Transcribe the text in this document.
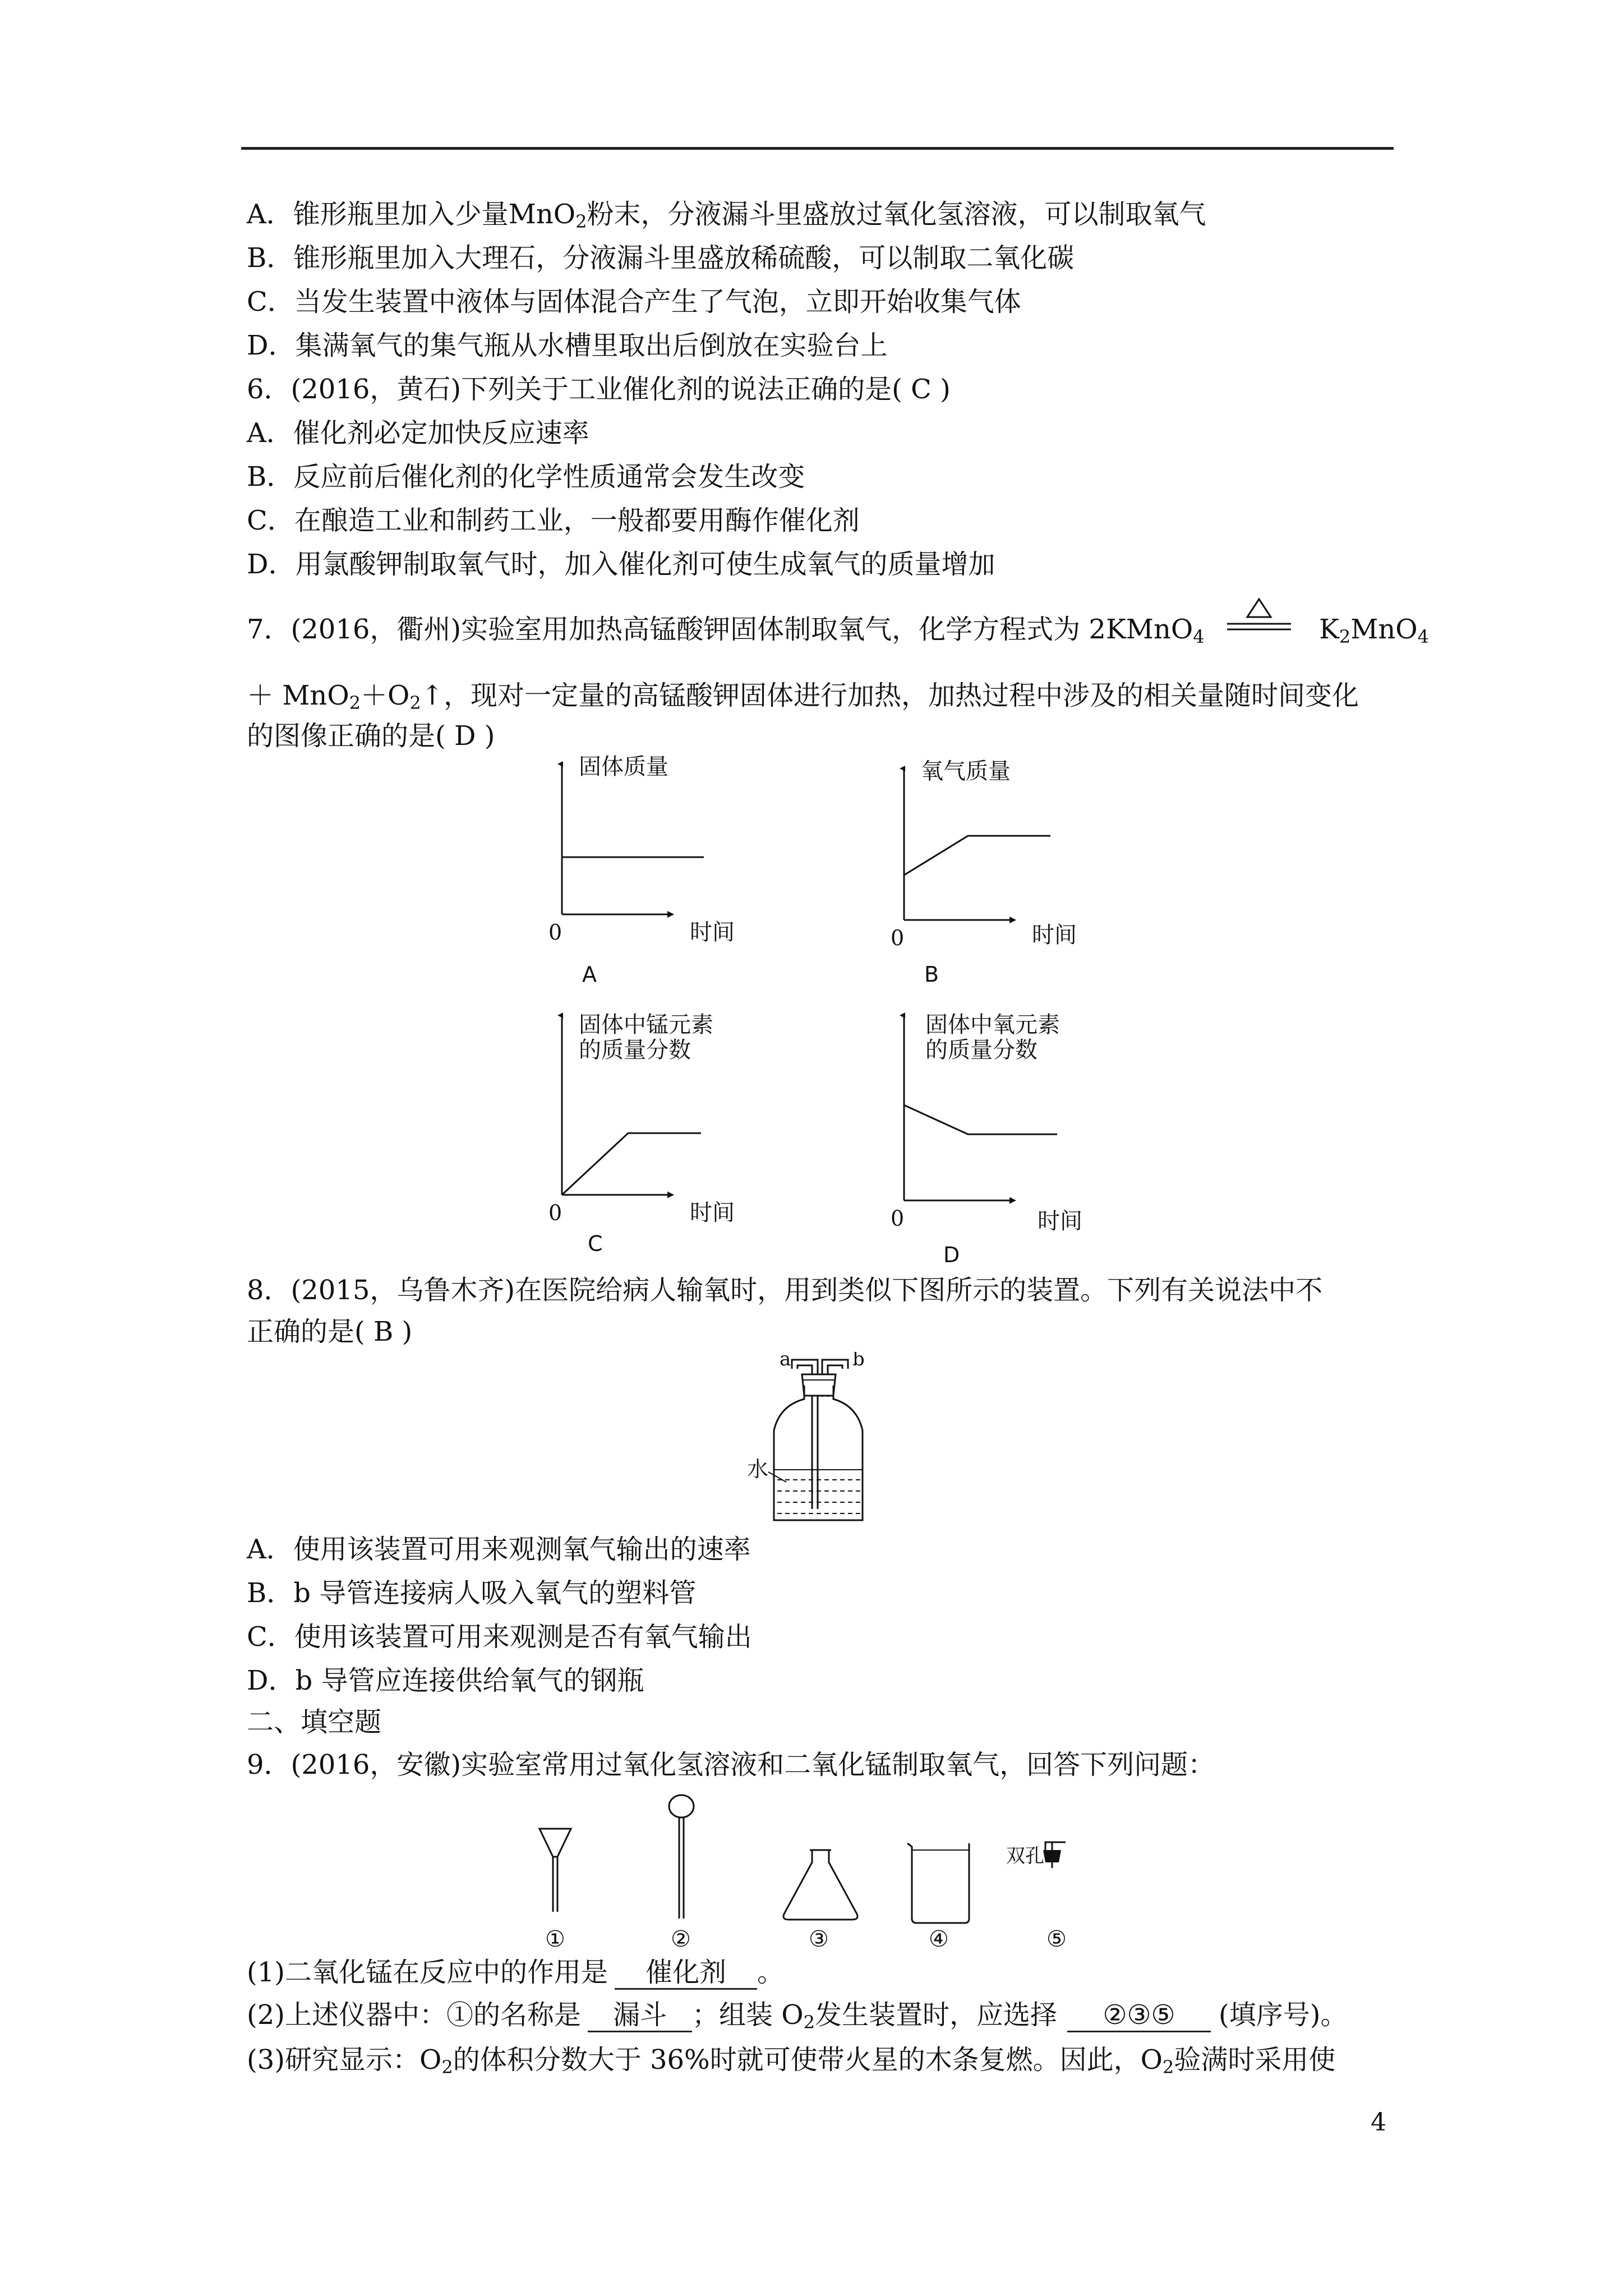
A．锥形瓶里加入少量MnO$_2$粉末，分液漏斗里盛放过氧化氢溶液，可以制取氧气
B．锥形瓶里加入大理石，分液漏斗里盛放稀硫酸，可以制取二氧化碳
C．当发生装置中液体与固体混合产生了气泡，立即开始收集气体
D．集满氧气的集气瓶从水槽里取出后倒放在实验台上
6．(2016，黄石)下列关于工业催化剂的说法正确的是( C )
A．催化剂必定加快反应速率
B．反应前后催化剂的化学性质通常会发生改变
C．在酿造工业和制药工业，一般都要用酶作催化剂
D．用氯酸钾制取氧气时，加入催化剂可使生成氧气的质量增加
7．(2016，衢州)实验室用加热高锰酸钾固体制取氧气，化学方程式为 2KMnO$_4$	$K_2MnO_4$
＋ $MnO_2+O_2↑$，现对一定量的高锰酸钾固体进行加热，加热过程中涉及的相关量随时间变化
的图像正确的是( D )
固体质量
0	时间
A
氧气质量
0	时间
B
固体中锰元素
的质量分数
0	时间
C
固体中氧元素
的质量分数
0	时间
D
8．(2015，乌鲁木齐)在医院给病人输氧时，用到类似下图所示的装置。下列有关说法中不
正确的是( B )
a	b
水
A．使用该装置可用来观测氧气输出的速率
B．b 导管连接病人吸入氧气的塑料管
C．使用该装置可用来观测是否有氧气输出
D．b 导管应连接供给氧气的钢瓶
二、填空题
9．(2016，安徽)实验室常用过氧化氢溶液和二氧化锰制取氧气，回答下列问题：
双孔
①	②	③	④	⑤
(1)二氧化锰在反应中的作用是 催化剂 。
(2)上述仪器中：①的名称是 漏斗 ；组装 $O_2$发生装置时，应选择 ②③⑤ (填序号)。
(3)研究显示：$O_2$的体积分数大于 36%时就可使带火星的木条复燃。因此，$O_2$验满时采用使
4
